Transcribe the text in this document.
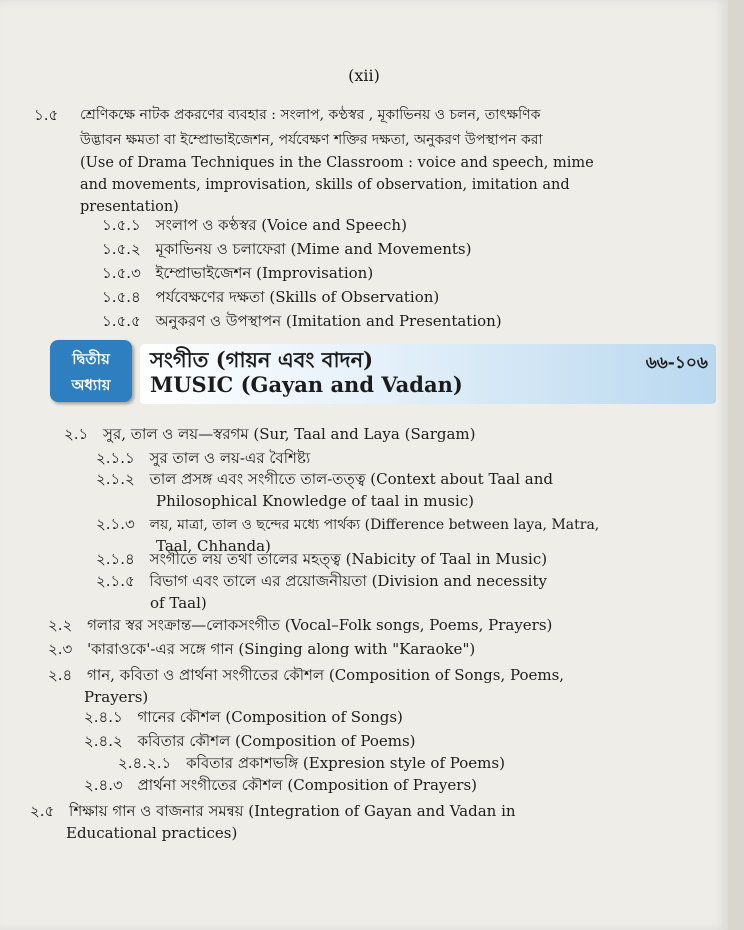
(xii)
১.৫ শ্রেণিকক্ষে নাটক প্রকরণের ব্যবহার : সংলাপ, কণ্ঠস্বর , মূকাভিনয় ও চলন, তাৎক্ষণিক
উদ্ভাবন ক্ষমতা বা ইম্প্রোভাইজেশন, পর্যবেক্ষণ শক্তির দক্ষতা, অনুকরণ উপস্থাপন করা
(Use of Drama Techniques in the Classroom : voice and speech, mime
and movements, improvisation, skills of observation, imitation and
presentation)
১.৫.১ সংলাপ ও কণ্ঠস্বর (Voice and Speech)
১.৫.২ মূকাভিনয় ও চলাফেরা (Mime and Movements)
১.৫.৩ ইম্প্রোভাইজেশন (Improvisation)
১.৫.৪ পর্যবেক্ষণের দক্ষতা (Skills of Observation)
১.৫.৫ অনুকরণ ও উপস্থাপন (Imitation and Presentation)
দ্বিতীয়
অধ্যায়
সংগীত (গায়ন এবং বাদন)
MUSIC (Gayan and Vadan)
৬৬-১০৬
২.১ সুর, তাল ও লয়—স্বরগম (Sur, Taal and Laya (Sargam)
২.১.১ সুর তাল ও লয়-এর বৈশিষ্ট্য
২.১.২ তাল প্রসঙ্গ এবং সংগীতে তাল-তত্ত্ব (Context about Taal and
Philosophical Knowledge of taal in music)
২.১.৩ লয়, মাত্রা, তাল ও ছন্দের মধ্যে পার্থক্য (Difference between laya, Matra,
Taal, Chhanda)
২.১.৪ সংগীতে লয় তথা তালের মহত্ত্ব (Nabicity of Taal in Music)
২.১.৫ বিভাগ এবং তালে এর প্রয়োজনীয়তা (Division and necessity
of Taal)
২.২ গলার স্বর সংক্রান্ত—লোকসংগীত (Vocal–Folk songs, Poems, Prayers)
২.৩ 'কারাওকে'-এর সঙ্গে গান (Singing along with "Karaoke")
২.৪ গান, কবিতা ও প্রার্থনা সংগীতের কৌশল (Composition of Songs, Poems,
Prayers)
২.৪.১ গানের কৌশল (Composition of Songs)
২.৪.২ কবিতার কৌশল (Composition of Poems)
২.৪.২.১ কবিতার প্রকাশভঙ্গি (Expresion style of Poems)
২.৪.৩ প্রার্থনা সংগীতের কৌশল (Composition of Prayers)
২.৫ শিক্ষায় গান ও বাজনার সমন্বয় (Integration of Gayan and Vadan in
Educational practices)
